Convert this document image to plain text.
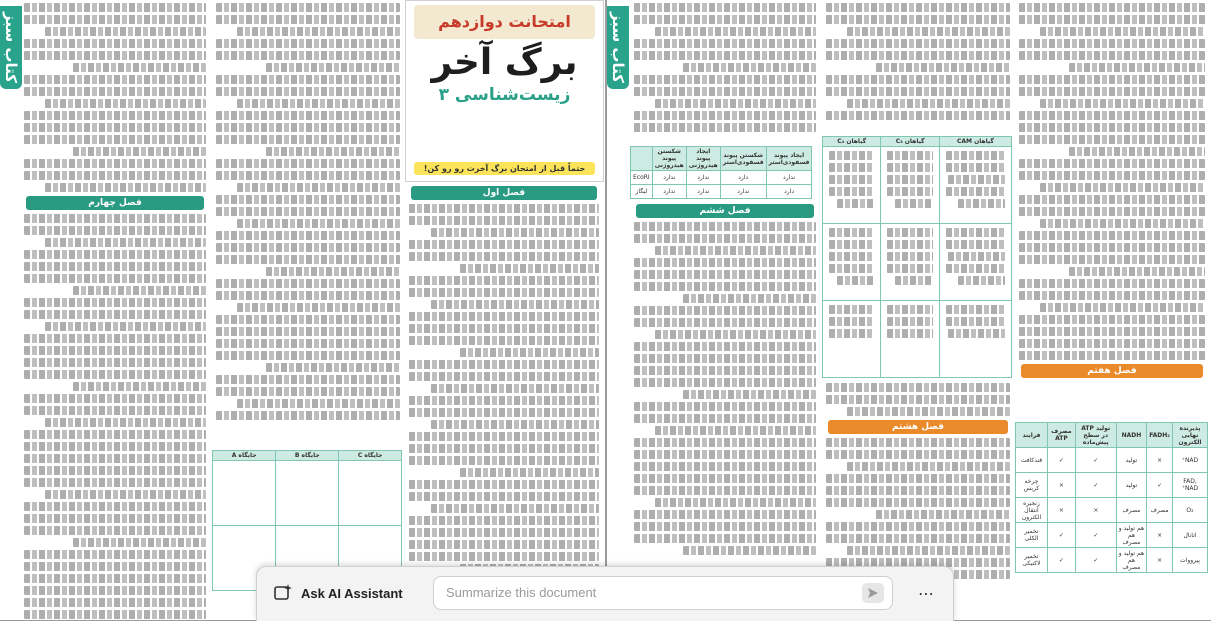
فصل چهارم
فصل اول
کتاب سبز	امتحانت دوازدهم
برگ آخر
زیست‌شناسی ۳
حتماً قبل از امتحان برگ آخرت رو رو کن!
جایگاه C	جایگاه B	جایگاه A

فصل ششم
فصل هشتم
فصل هفتم
کتاب سبز
ایجاد پیوند فسفودی‌استر	شکستن پیوند فسفودی‌استر	ایجاد پیوند هیدروژنی	شکستن پیوند هیدروژنی	
ندارد	دارد	ندارد	ندارد	EcoRI
دارد	ندارد	ندارد	ندارد	لیگاز
گیاهان CAM	گیاهان C₃	گیاهان C₄

پذیرنده نهایی الکترون	FADH₂	NADH	تولید ATP در سطح پیش‌ماده	مصرف ATP	فرایند
NAD⁺	×	تولید	✓	✓	قندکافت
FAD, NAD⁺	✓	تولید	✓	×	چرخه کربس
O₂	مصرف	مصرف	×	×	زنجیره انتقال الکترون
اتانال	×	هم تولید و هم مصرف	✓	✓	تخمیر الکلی
پیرووات	×	هم تولید و هم مصرف	✓	✓	تخمیر لاکتیکی
Ask AI Assistant
Summarize this document	⋯
